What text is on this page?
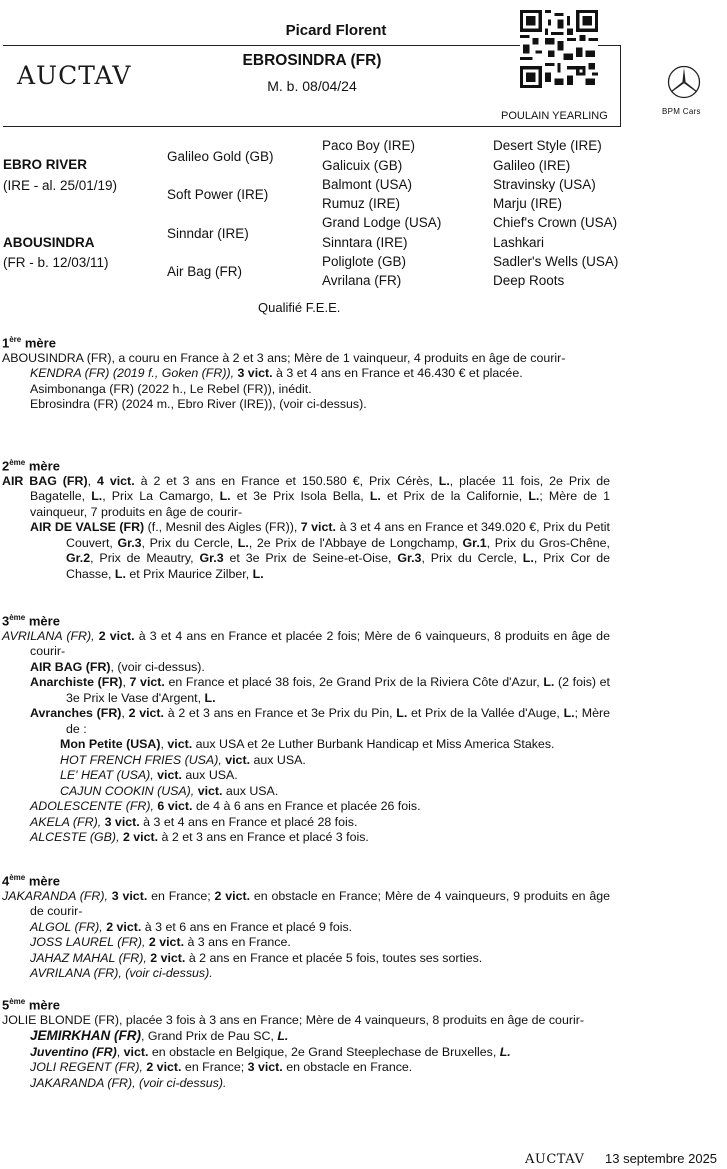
Picard Florent
EBROSINDRA (FR)
M. b. 08/04/24
AUCTAV
POULAIN YEARLING	BPM Cars
EBRO RIVER
(IRE - al. 25/01/19)
ABOUSINDRA
(FR - b. 12/03/11)
Galileo Gold (GB)
Soft Power (IRE)
Sinndar (IRE)
Air Bag (FR)
Paco Boy (IRE)
Galicuix (GB)
Balmont (USA)
Rumuz (IRE)
Grand Lodge (USA)
Sinntara (IRE)
Poliglote (GB)
Avrilana (FR)
Desert Style (IRE)
Galileo (IRE)
Stravinsky (USA)
Marju (IRE)
Chief's Crown (USA)
Lashkari
Sadler's Wells (USA)
Deep Roots
Qualifié F.E.E.
1ère mère
ABOUSINDRA (FR), a couru en France à 2 et 3 ans; Mère de 1 vainqueur, 4 produits en âge de courir-
KENDRA (FR) (2019 f., Goken (FR)), 3 vict. à 3 et 4 ans en France et 46.430 € et placée.
Asimbonanga (FR) (2022 h., Le Rebel (FR)), inédit.
Ebrosindra (FR) (2024 m., Ebro River (IRE)), (voir ci-dessus).
2ème mère
AIR BAG (FR), 4 vict. à 2 et 3 ans en France et 150.580 €, Prix Cérès, L., placée 11 fois, 2e Prix de Bagatelle, L., Prix La Camargo, L. et 3e Prix Isola Bella, L. et Prix de la Californie, L.; Mère de 1 vainqueur, 7 produits en âge de courir-
AIR DE VALSE (FR) (f., Mesnil des Aigles (FR)), 7 vict. à 3 et 4 ans en France et 349.020 €, Prix du Petit Couvert, Gr.3, Prix du Cercle, L., 2e Prix de l'Abbaye de Longchamp, Gr.1, Prix du Gros-Chêne, Gr.2, Prix de Meautry, Gr.3 et 3e Prix de Seine-et-Oise, Gr.3, Prix du Cercle, L., Prix Cor de Chasse, L. et Prix Maurice Zilber, L.
3ème mère
AVRILANA (FR), 2 vict. à 3 et 4 ans en France et placée 2 fois; Mère de 6 vainqueurs, 8 produits en âge de courir-
AIR BAG (FR), (voir ci-dessus).
Anarchiste (FR), 7 vict. en France et placé 38 fois, 2e Grand Prix de la Riviera Côte d'Azur, L. (2 fois) et 3e Prix le Vase d'Argent, L.
Avranches (FR), 2 vict. à 2 et 3 ans en France et 3e Prix du Pin, L. et Prix de la Vallée d'Auge, L.; Mère de :
Mon Petite (USA), vict. aux USA et 2e Luther Burbank Handicap et Miss America Stakes.
HOT FRENCH FRIES (USA), vict. aux USA.
LE' HEAT (USA), vict. aux USA.
CAJUN COOKIN (USA), vict. aux USA.
ADOLESCENTE (FR), 6 vict. de 4 à 6 ans en France et placée 26 fois.
AKELA (FR), 3 vict. à 3 et 4 ans en France et placé 28 fois.
ALCESTE (GB), 2 vict. à 2 et 3 ans en France et placé 3 fois.
4ème mère
JAKARANDA (FR), 3 vict. en France; 2 vict. en obstacle en France; Mère de 4 vainqueurs, 9 produits en âge de courir-
ALGOL (FR), 2 vict. à 3 et 6 ans en France et placé 9 fois.
JOSS LAUREL (FR), 2 vict. à 3 ans en France.
JAHAZ MAHAL (FR), 2 vict. à 2 ans en France et placée 5 fois, toutes ses sorties.
AVRILANA (FR), (voir ci-dessus).
5ème mère
JOLIE BLONDE (FR), placée 3 fois à 3 ans en France; Mère de 4 vainqueurs, 8 produits en âge de courir-
JEMIRKHAN (FR), Grand Prix de Pau SC, L.
Juventino (FR), vict. en obstacle en Belgique, 2e Grand Steeplechase de Bruxelles, L.
JOLI REGENT (FR), 2 vict. en France; 3 vict. en obstacle en France.
JAKARANDA (FR), (voir ci-dessus).
AUCTAV 13 septembre 2025
